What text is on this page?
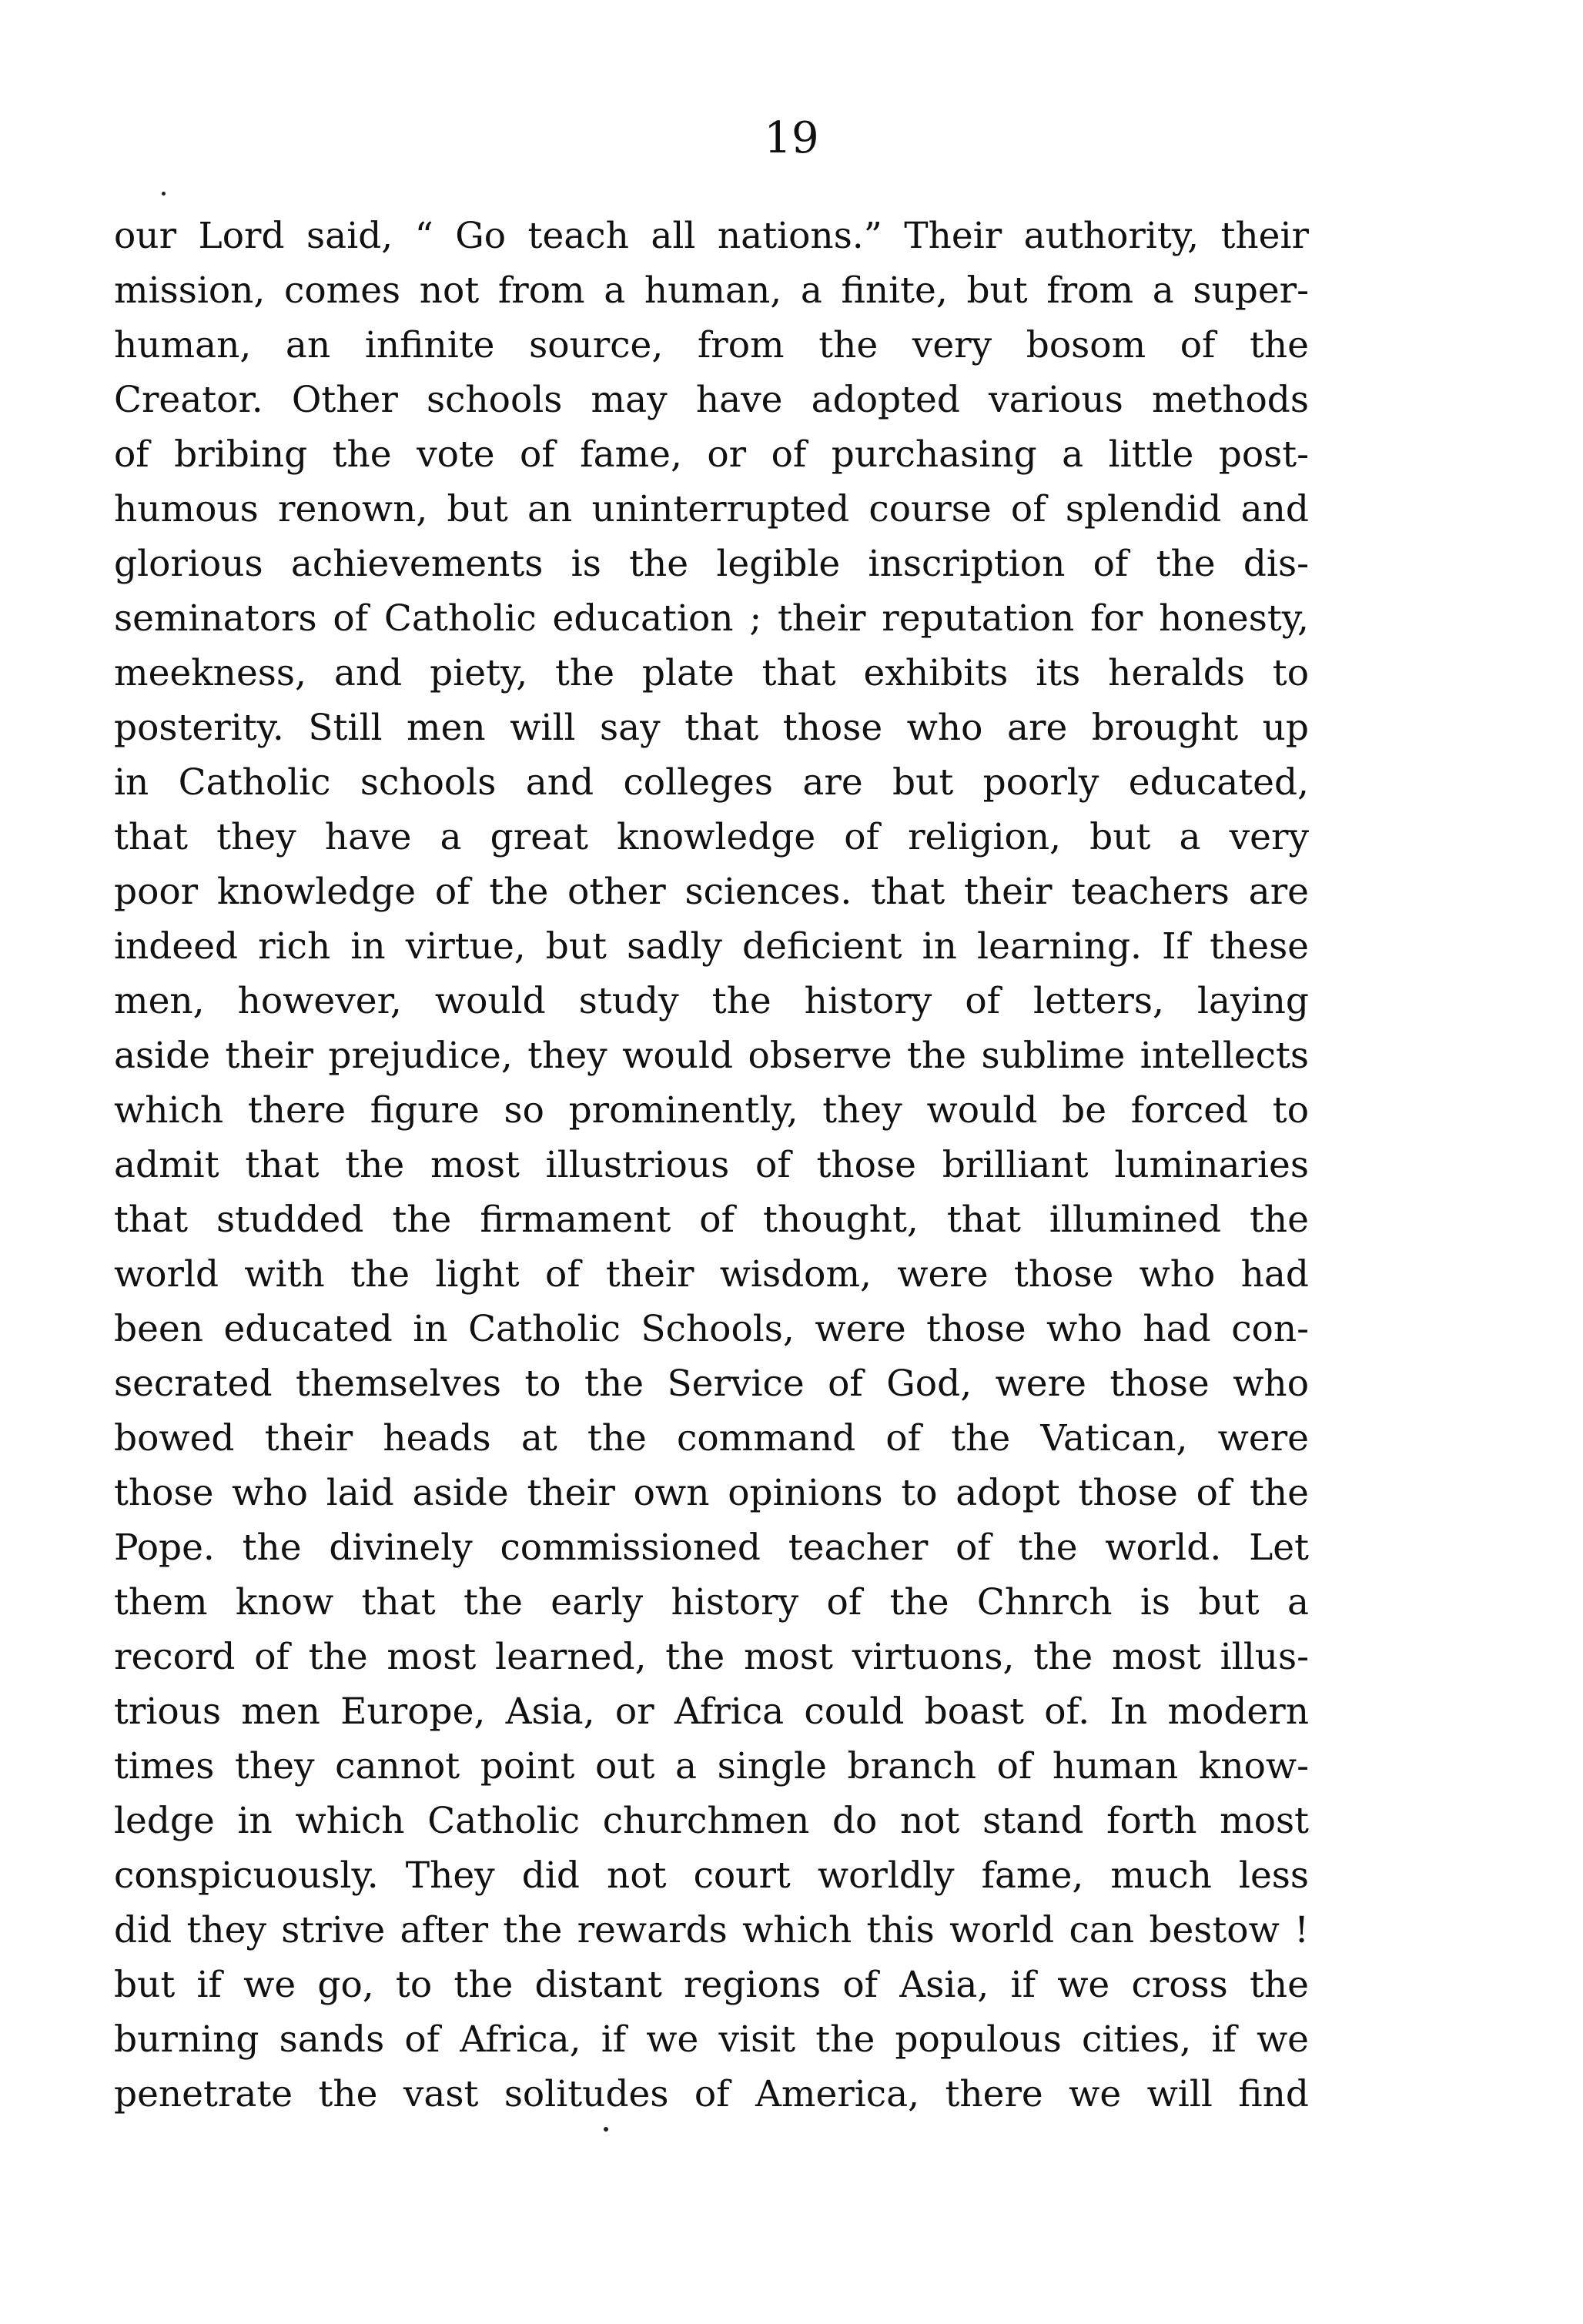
19
our Lord said, “ Go teach all nations.” Their authority, their
mission, comes not from a human, a finite, but from a super-
human, an infinite source, from the very bosom of the
Creator. Other schools may have adopted various methods
of bribing the vote of fame, or of purchasing a little post-
humous renown, but an uninterrupted course of splendid and
glorious achievements is the legible inscription of the dis-
seminators of Catholic education ; their reputation for honesty,
meekness, and piety, the plate that exhibits its heralds to
posterity. Still men will say that those who are brought up
in Catholic schools and colleges are but poorly educated,
that they have a great knowledge of religion, but a very
poor knowledge of the other sciences. that their teachers are
indeed rich in virtue, but sadly deficient in learning. If these
men, however, would study the history of letters, laying
aside their prejudice, they would observe the sublime intellects
which there figure so prominently, they would be forced to
admit that the most illustrious of those brilliant luminaries
that studded the firmament of thought, that illumined the
world with the light of their wisdom, were those who had
been educated in Catholic Schools, were those who had con-
secrated themselves to the Service of God, were those who
bowed their heads at the command of the Vatican, were
those who laid aside their own opinions to adopt those of the
Pope. the divinely commissioned teacher of the world. Let
them know that the early history of the Chnrch is but a
record of the most learned, the most virtuons, the most illus-
trious men Europe, Asia, or Africa could boast of. In modern
times they cannot point out a single branch of human know-
ledge in which Catholic churchmen do not stand forth most
conspicuously. They did not court worldly fame, much less
did they strive after the rewards which this world can bestow !
but if we go, to the distant regions of Asia, if we cross the
burning sands of Africa, if we visit the populous cities, if we
penetrate the vast solitudes of America, there we will find
